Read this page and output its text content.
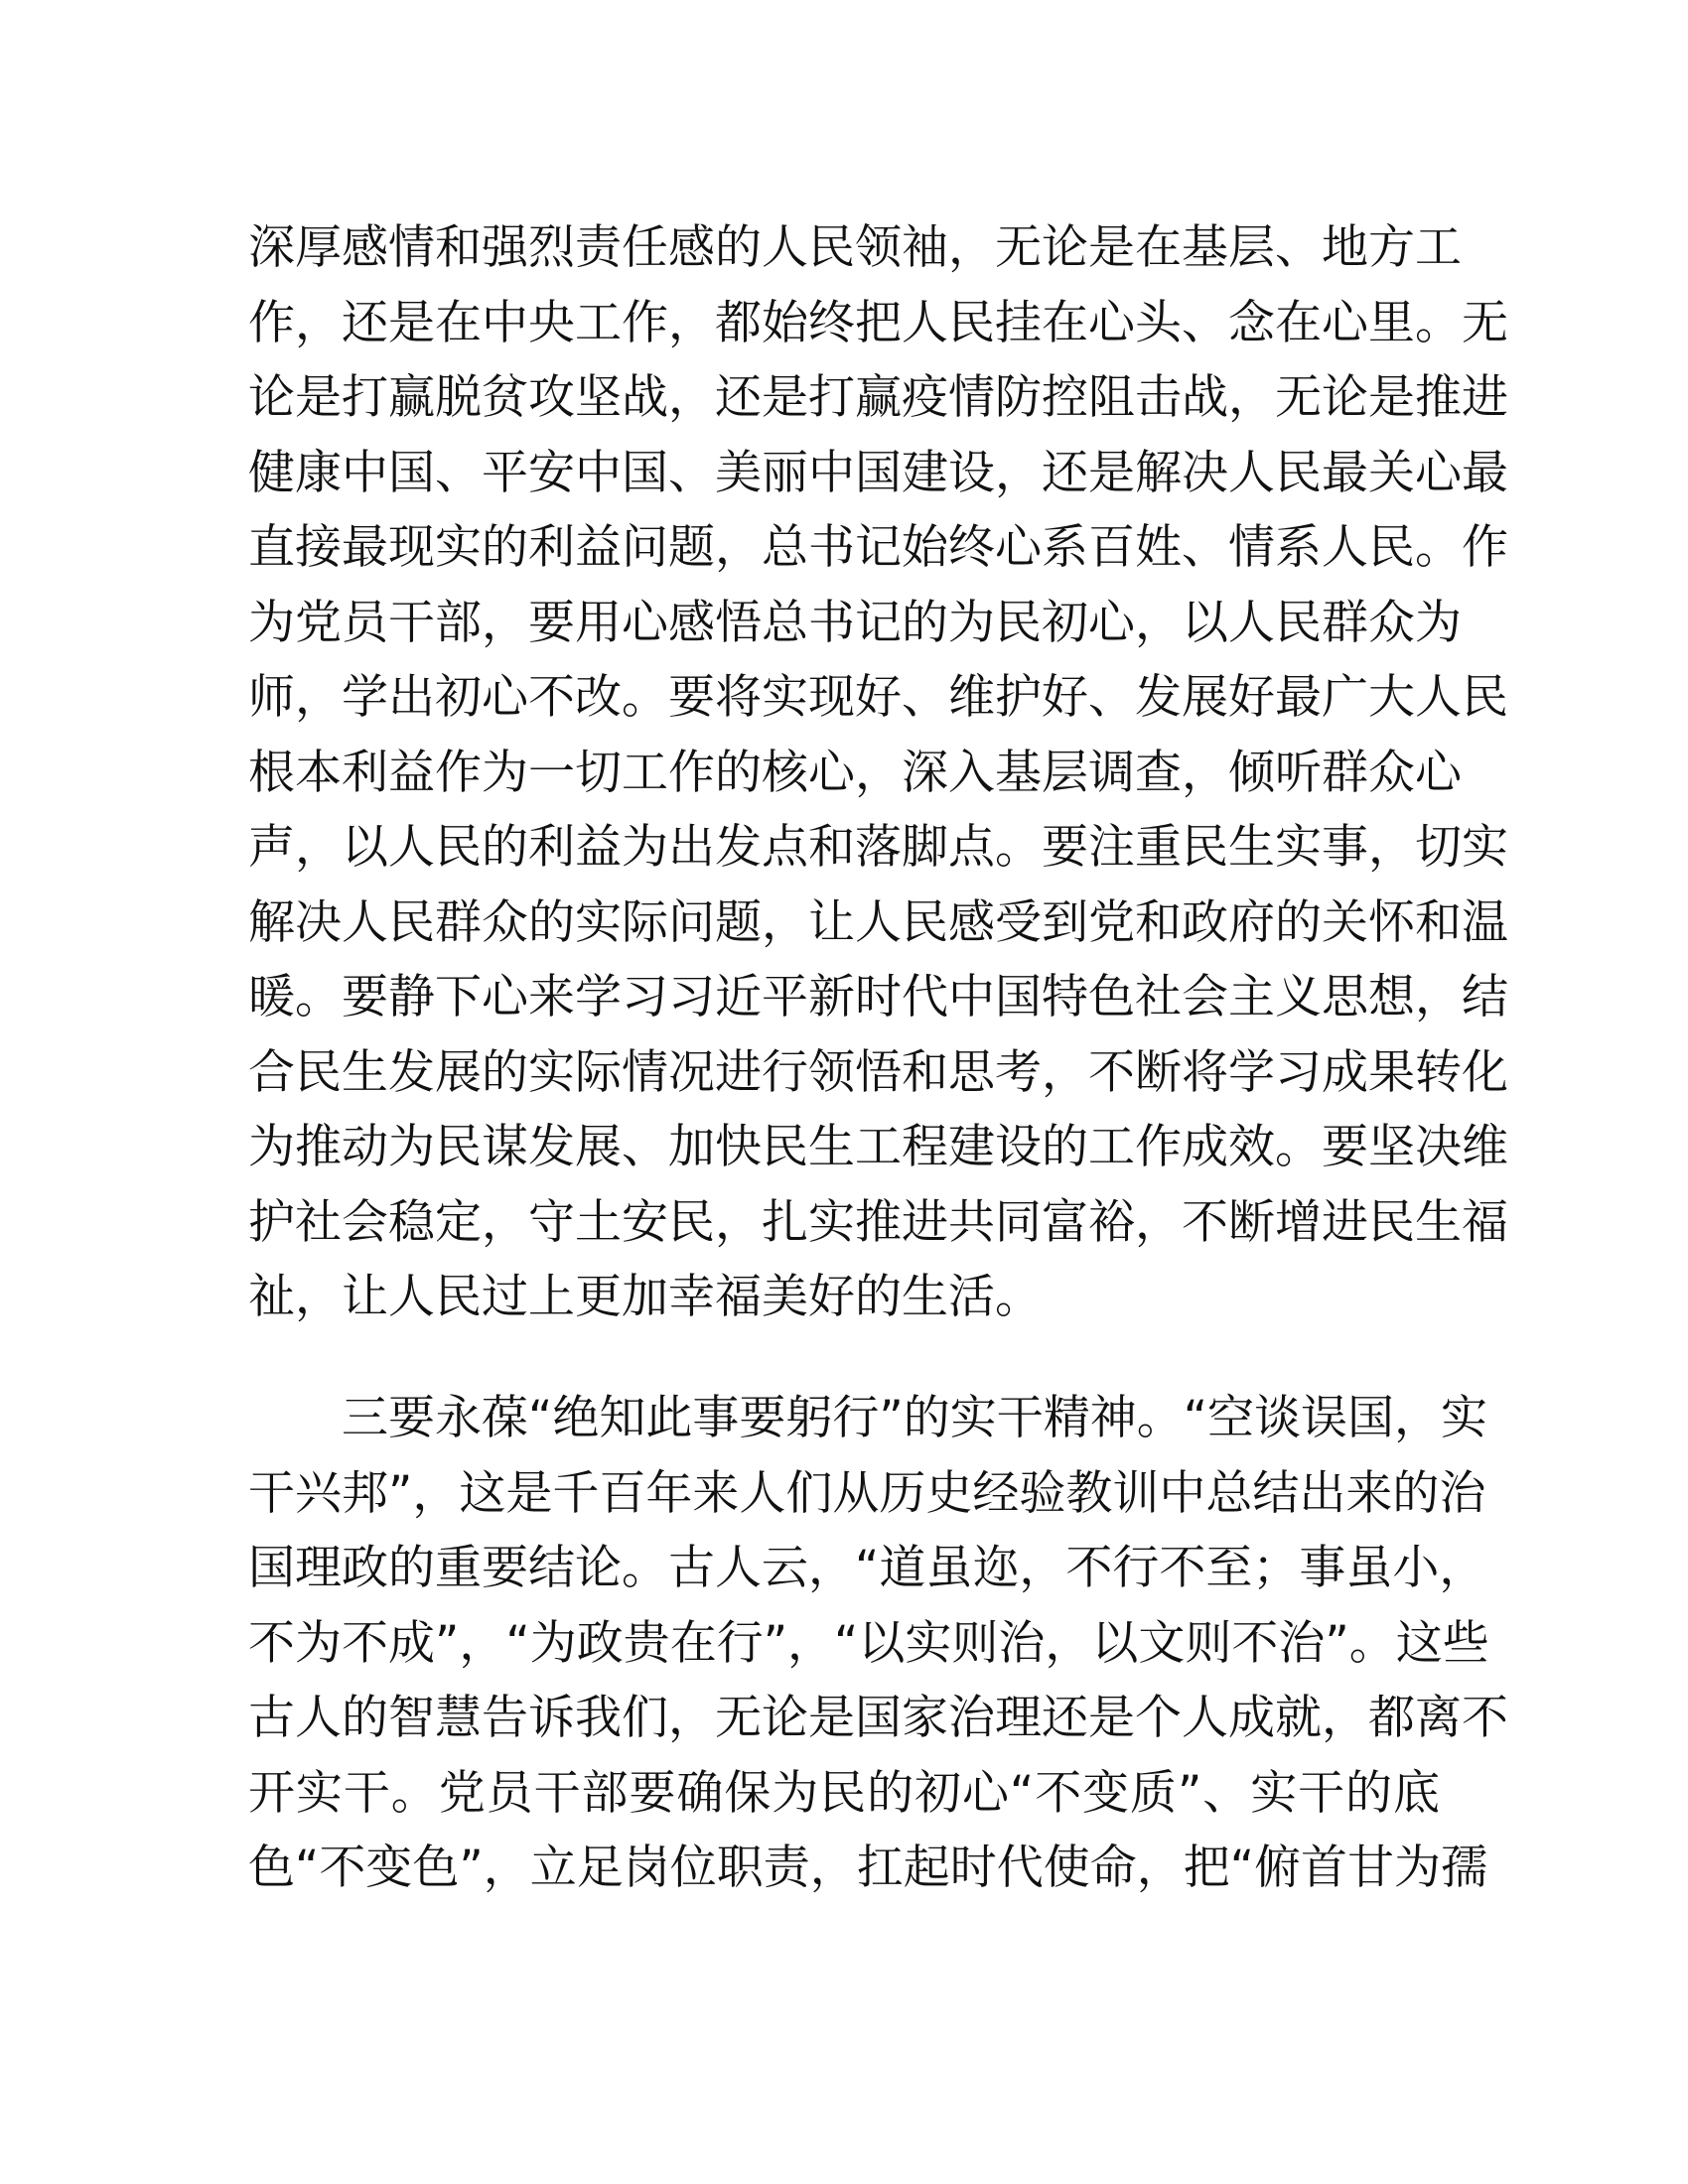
深厚感情和强烈责任感的人民领袖，无论是在基层、地方工
作，还是在中央工作，都始终把人民挂在心头、念在心里。无
论是打赢脱贫攻坚战，还是打赢疫情防控阻击战，无论是推进
健康中国、平安中国、美丽中国建设，还是解决人民最关心最
直接最现实的利益问题，总书记始终心系百姓、情系人民。作
为党员干部，要用心感悟总书记的为民初心，以人民群众为
师，学出初心不改。要将实现好、维护好、发展好最广大人民
根本利益作为一切工作的核心，深入基层调查，倾听群众心
声，以人民的利益为出发点和落脚点。要注重民生实事，切实
解决人民群众的实际问题，让人民感受到党和政府的关怀和温
暖。要静下心来学习习近平新时代中国特色社会主义思想，结
合民生发展的实际情况进行领悟和思考，不断将学习成果转化
为推动为民谋发展、加快民生工程建设的工作成效。要坚决维
护社会稳定，守土安民，扎实推进共同富裕，不断增进民生福
祉，让人民过上更加幸福美好的生活。
三要永葆“绝知此事要躬行”的实干精神。“空谈误国，实
干兴邦”，这是千百年来人们从历史经验教训中总结出来的治
国理政的重要结论。古人云，“道虽迩，不行不至；事虽小，
不为不成”，“为政贵在行”，“以实则治，以文则不治”。这些
古人的智慧告诉我们，无论是国家治理还是个人成就，都离不
开实干。党员干部要确保为民的初心“不变质”、实干的底
色“不变色”，立足岗位职责，扛起时代使命，把“俯首甘为孺
